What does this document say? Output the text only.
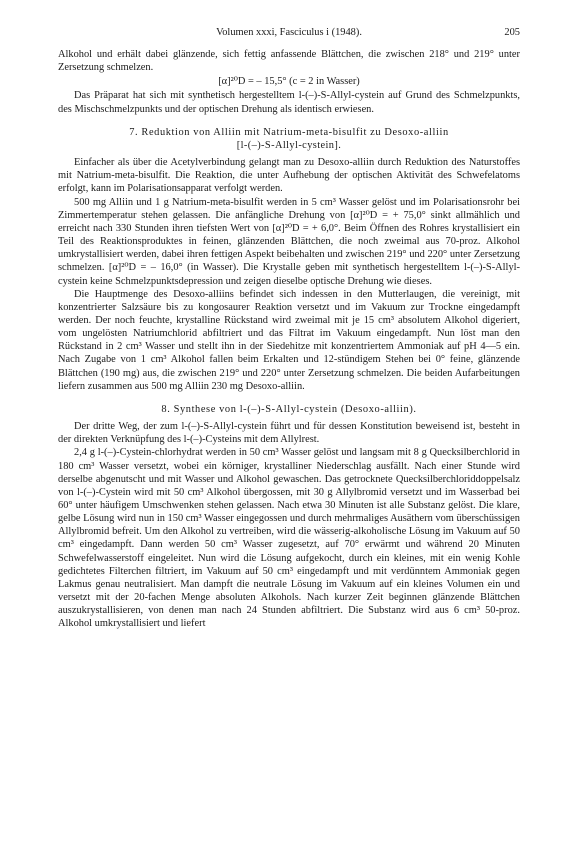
Volumen xxxi, Fasciculus i (1948).	205

Alkohol und erhält dabei glänzende, sich fettig anfassende Blättchen, die zwischen 218° und 219° unter Zersetzung schmelzen.

[α]²⁰D = – 15,5° (c = 2 in Wasser)

Das Präparat hat sich mit synthetisch hergestelltem l-(–)-S-Allyl-cystein auf Grund des Schmelzpunkts, des Mischschmelzpunkts und der optischen Drehung als identisch erwiesen.

7. Reduktion von Alliin mit Natrium-meta-bisulfit zu Desoxo-alliin
[l-(–)-S-Allyl-cystein].

Einfacher als über die Acetylverbindung gelangt man zu Desoxo-alliin durch Reduktion des Naturstoffes mit Natrium-meta-bisulfit. Die Reaktion, die unter Aufhebung der optischen Aktivität des Schwefelatoms erfolgt, kann im Polarisationsapparat verfolgt werden.

500 mg Alliin und 1 g Natrium-meta-bisulfit werden in 5 cm³ Wasser gelöst und im Polarisationsrohr bei Zimmertemperatur stehen gelassen. Die anfängliche Drehung von [α]²⁰D = + 75,0° sinkt allmählich und erreicht nach 330 Stunden ihren tiefsten Wert von [α]²⁰D = + 6,0°. Beim Öffnen des Rohres krystallisiert ein Teil des Reaktionsproduktes in feinen, glänzenden Blättchen, die noch zweimal aus 70-proz. Alkohol umkrystallisiert werden, dabei ihren fettigen Aspekt beibehalten und zwischen 219° und 220° unter Zersetzung schmelzen. [α]²⁰D = – 16,0° (in Wasser). Die Krystalle geben mit synthetisch hergestelltem l-(–)-S-Allyl-cystein keine Schmelzpunktsdepression und zeigen dieselbe optische Drehung wie dieses.

Die Hauptmenge des Desoxo-alliins befindet sich indessen in den Mutterlaugen, die vereinigt, mit konzentrierter Salzsäure bis zu kongosaurer Reaktion versetzt und im Vakuum zur Trockne eingedampft werden. Der noch feuchte, krystalline Rückstand wird zweimal mit je 15 cm³ absolutem Alkohol digeriert, vom ungelösten Natriumchlorid abfiltriert und das Filtrat im Vakuum eingedampft. Nun löst man den Rückstand in 2 cm³ Wasser und stellt ihn in der Siedehitze mit konzentriertem Ammoniak auf pH 4—5 ein. Nach Zugabe von 1 cm³ Alkohol fallen beim Erkalten und 12-stündigem Stehen bei 0° feine, glänzende Blättchen (190 mg) aus, die zwischen 219° und 220° unter Zersetzung schmelzen. Die beiden Aufarbeitungen liefern zusammen aus 500 mg Alliin 230 mg Desoxo-alliin.

8. Synthese von l-(–)-S-Allyl-cystein (Desoxo-alliin).

Der dritte Weg, der zum l-(–)-S-Allyl-cystein führt und für dessen Konstitution beweisend ist, besteht in der direkten Verknüpfung des l-(–)-Cysteins mit dem Allylrest.

2,4 g l-(–)-Cystein-chlorhydrat werden in 50 cm³ Wasser gelöst und langsam mit 8 g Quecksilberchlorid in 180 cm³ Wasser versetzt, wobei ein körniger, krystalliner Niederschlag ausfällt. Nach einer Stunde wird derselbe abgenutscht und mit Wasser und Alkohol gewaschen. Das getrocknete Quecksilberchloriddoppelsalz von l-(–)-Cystein wird mit 50 cm³ Alkohol übergossen, mit 30 g Allylbromid versetzt und im Wasserbad bei 60° unter häufigem Umschwenken stehen gelassen. Nach etwa 30 Minuten ist alle Substanz gelöst. Die klare, gelbe Lösung wird nun in 150 cm³ Wasser eingegossen und durch mehrmaliges Ausäthern vom überschüssigen Allylbromid befreit. Um den Alkohol zu vertreiben, wird die wässerig-alkoholische Lösung im Vakuum auf 50 cm³ eingedampft. Dann werden 50 cm³ Wasser zugesetzt, auf 70° erwärmt und während 20 Minuten Schwefelwasserstoff eingeleitet. Nun wird die Lösung aufgekocht, durch ein kleines, mit ein wenig Kohle gedichtetes Filterchen filtriert, im Vakuum auf 50 cm³ eingedampft und mit verdünntem Ammoniak gegen Lakmus genau neutralisiert. Man dampft die neutrale Lösung im Vakuum auf ein kleines Volumen ein und versetzt mit der 20-fachen Menge absoluten Alkohols. Nach kurzer Zeit beginnen glänzende Blättchen auszukrystallisieren, von denen man nach 24 Stunden abfiltriert. Die Substanz wird aus 6 cm³ 50-proz. Alkohol umkrystallisiert und liefert
